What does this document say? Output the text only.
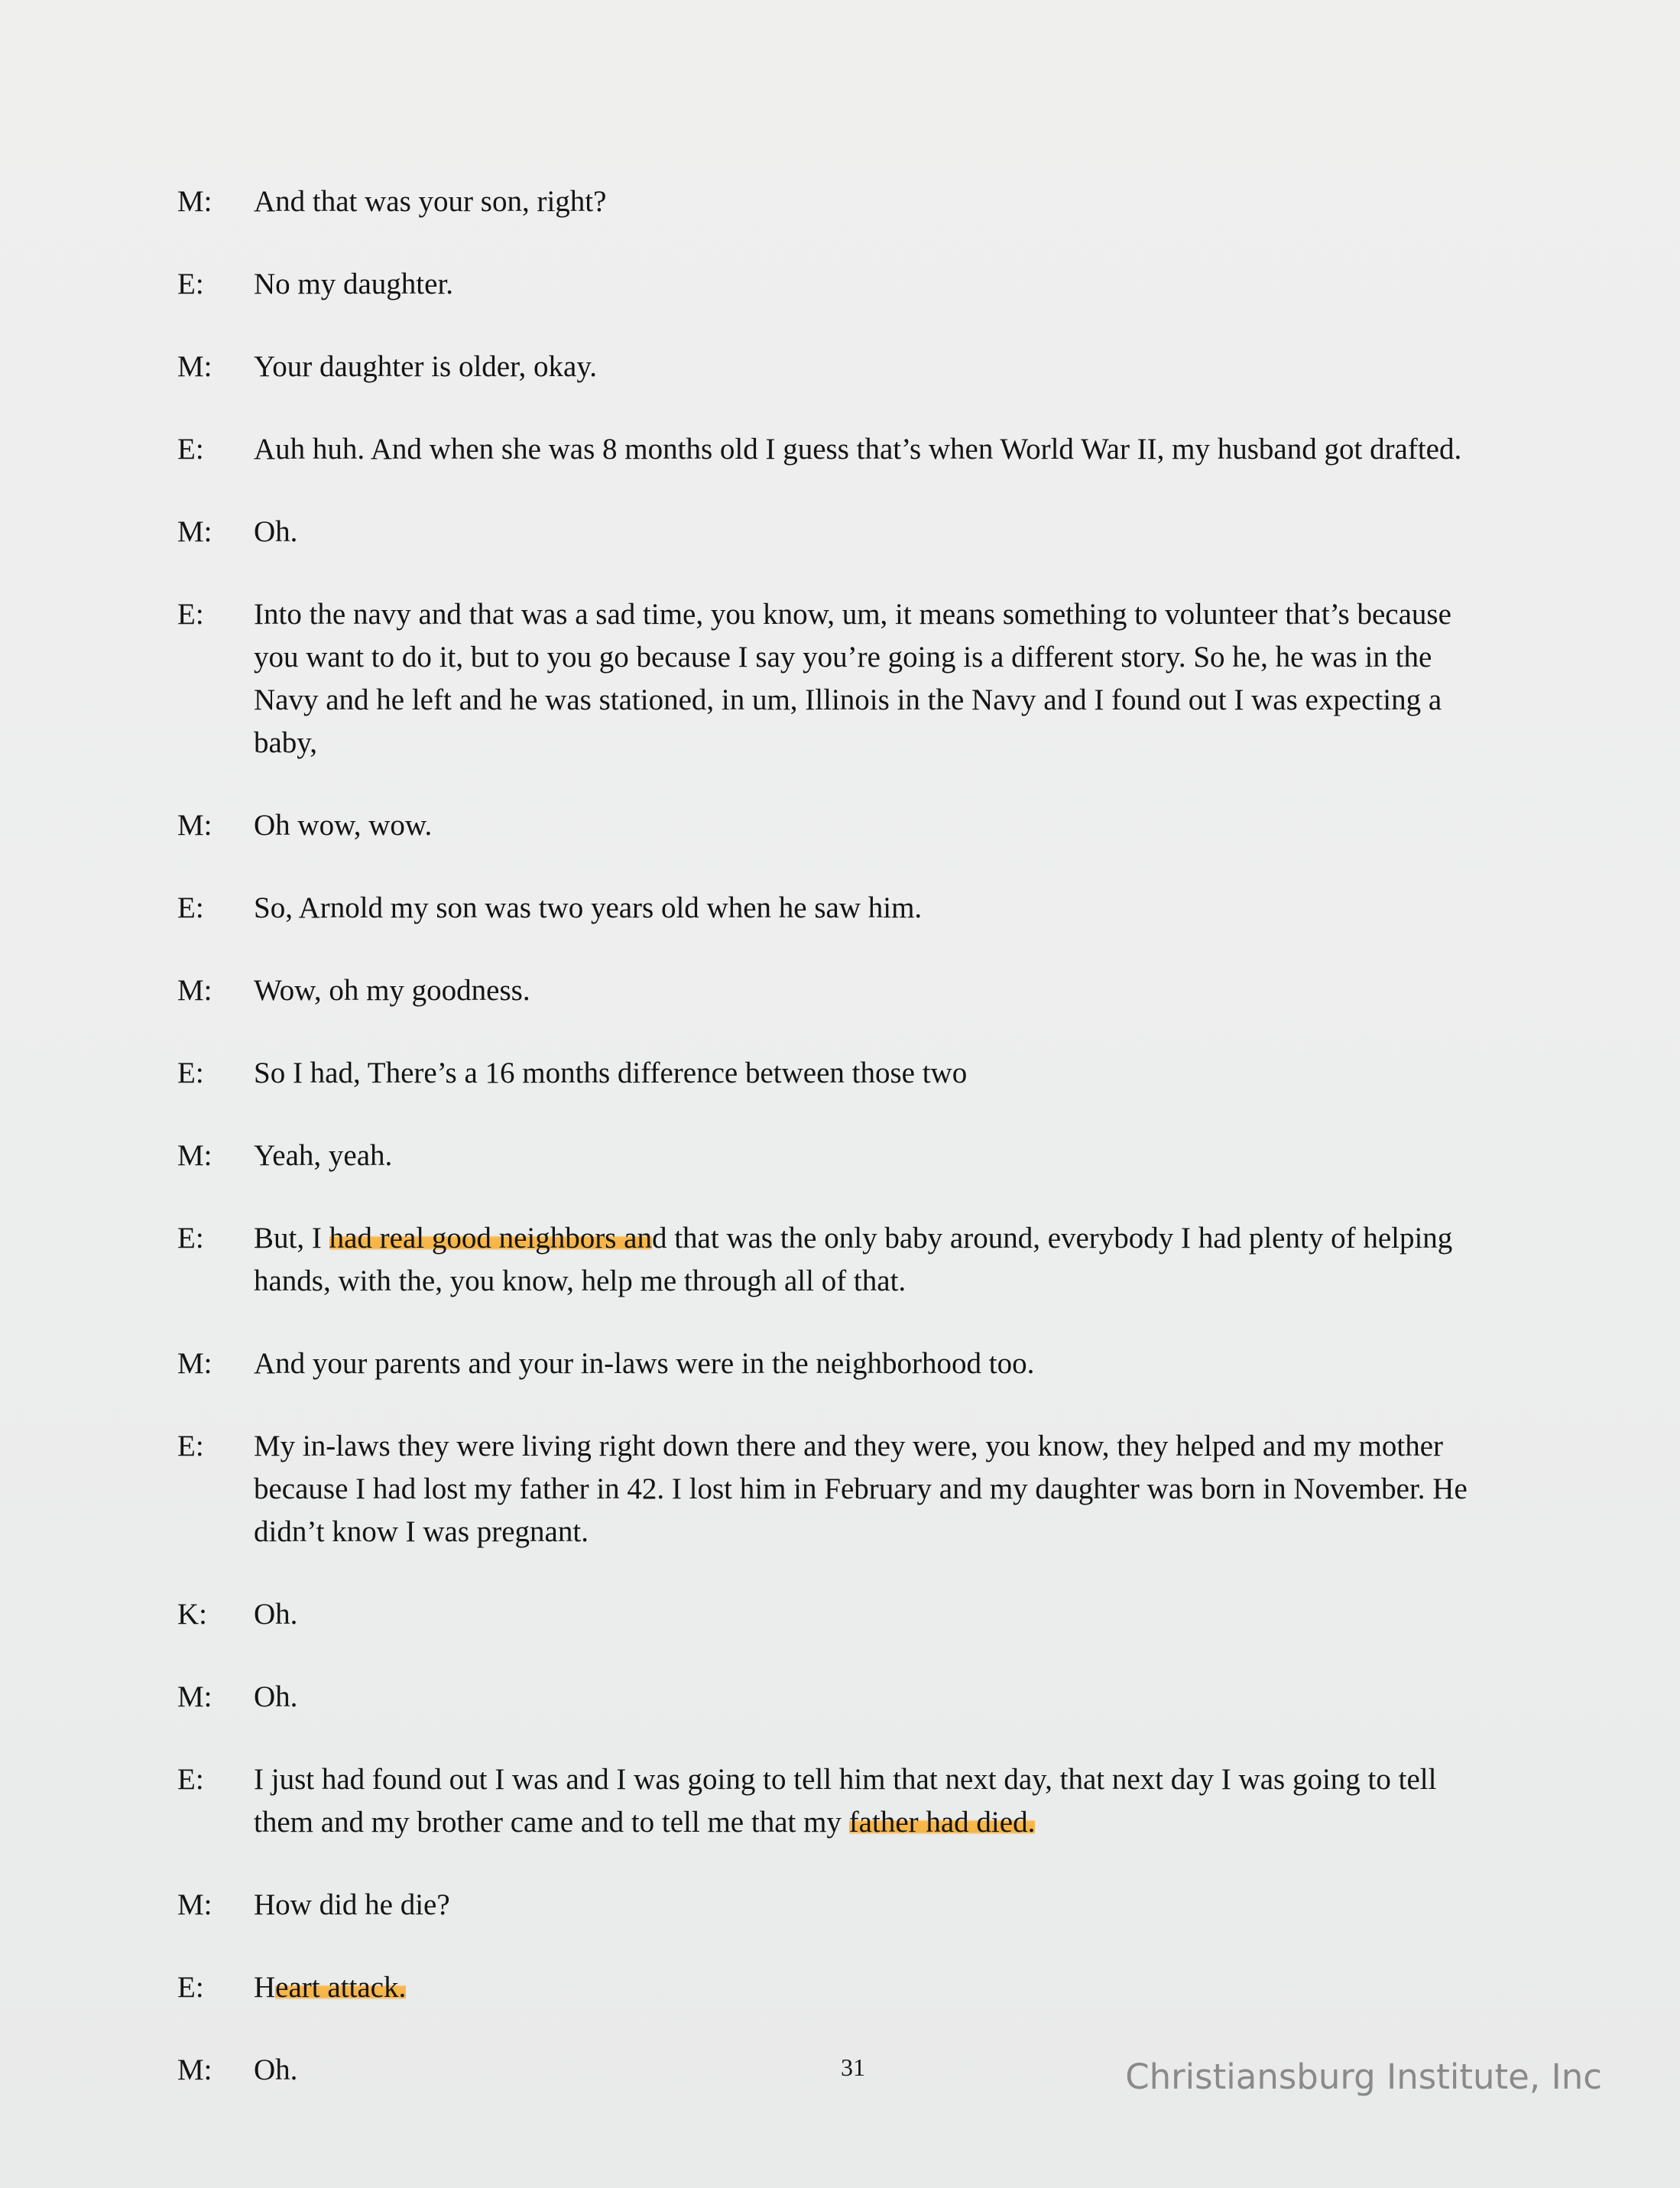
M:	And that was your son, right?
E:	No my daughter.
M:	Your daughter is older, okay.
E:	Auh huh. And when she was 8 months old I guess that’s when World War II, my husband got drafted.
M:	Oh.
E:	Into the navy and that was a sad time, you know, um, it means something to volunteer that’s because you want to do it, but to you go because I say you’re going is a different story. So he, he was in the Navy and he left and he was stationed, in um, Illinois in the Navy and I found out I was expecting a baby,
M:	Oh wow, wow.
E:	So, Arnold my son was two years old when he saw him.
M:	Wow, oh my goodness.
E:	So I had, There’s a 16 months difference between those two
M:	Yeah, yeah.
E:	But, I had real good neighbors and that was the only baby around, everybody I had plenty of helping hands, with the, you know, help me through all of that.
M:	And your parents and your in-laws were in the neighborhood too.
E:	My in-laws they were living right down there and they were, you know, they helped and my mother because I had lost my father in 42. I lost him in February and my daughter was born in November. He didn’t know I was pregnant.
K:	Oh.
M:	Oh.
E:	I just had found out I was and I was going to tell him that next day, that next day I was going to tell them and my brother came and to tell me that my father had died.
M:	How did he die?
E:	Heart attack.
M:	Oh.	31	Christiansburg Institute, Inc
